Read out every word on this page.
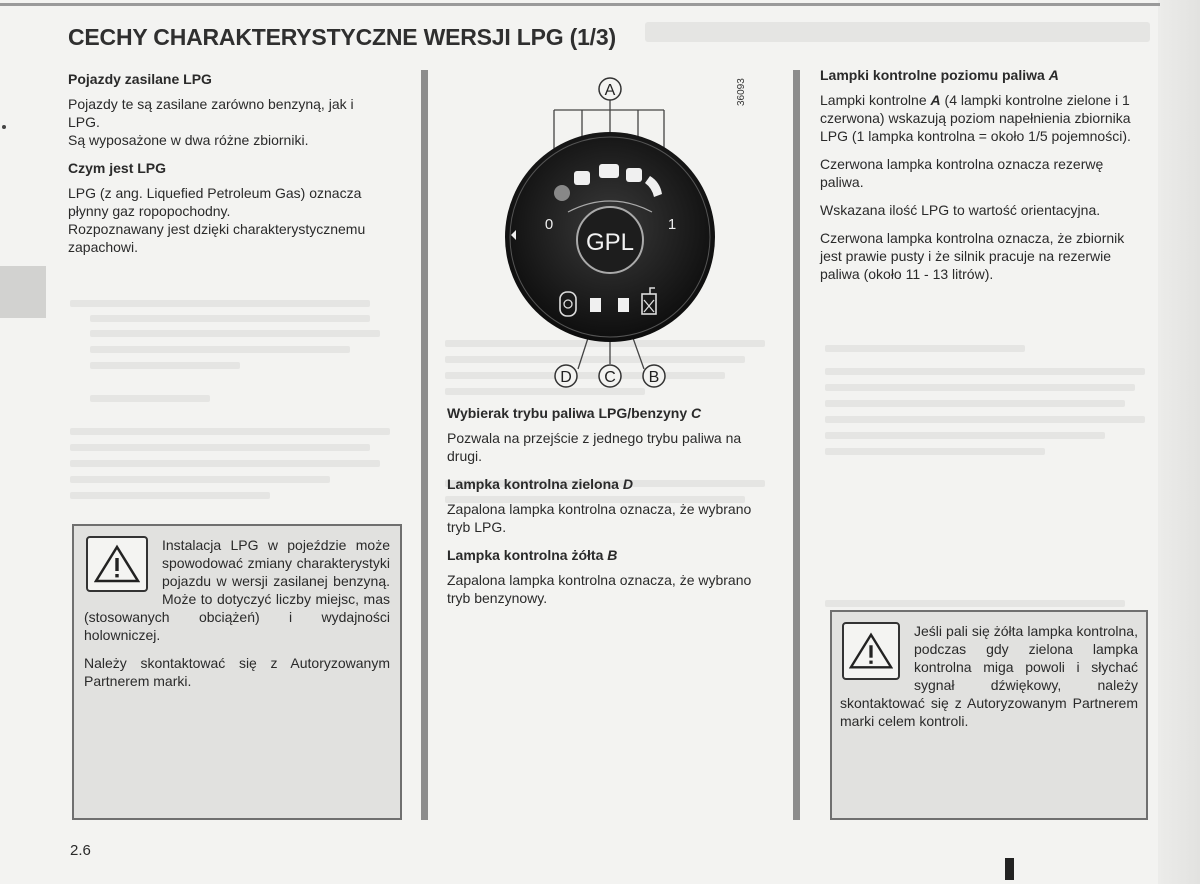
CECHY CHARAKTERYSTYCZNE WERSJI LPG (1/3)
Pojazdy zasilane LPG

Pojazdy te są zasilane zarówno benzyną, jak i LPG.

Są wyposażone w dwa różne zbiorniki.

Czym jest LPG

LPG (z ang. Liquefied Petroleum Gas) oznacza płynny gaz ropopochodny.

Rozpoznawany jest dzięki charakterystycznemu zapachowi.

Instalacja LPG w pojeździe może spowodować zmiany charakterystyki pojazdu w wersji zasilanej benzyną. Może to dotyczyć liczby miejsc, mas (stosowanych obciążeń) i wydajności holowniczej.

Należy skontaktować się z Autoryzowanym Partnerem marki.

GPL
0	1
A
D C B
36093
Wybierak trybu paliwa LPG/benzyny C

Pozwala na przejście z jednego trybu paliwa na drugi.

Lampka kontrolna zielona D

Zapalona lampka kontrolna oznacza, że wybrano tryb LPG.

Lampka kontrolna żółta B

Zapalona lampka kontrolna oznacza, że wybrano tryb benzynowy.

Lampki kontrolne poziomu paliwa A

Lampki kontrolne A (4 lampki kontrolne zielone i 1 czerwona) wskazują poziom napełnienia zbiornika LPG (1 lampka kontrolna = około 1/5 pojemności).

Czerwona lampka kontrolna oznacza rezerwę paliwa.

Wskazana ilość LPG to wartość orientacyjna.

Czerwona lampka kontrolna oznacza, że zbiornik jest prawie pusty i że silnik pracuje na rezerwie paliwa (około 11 - 13 litrów).

Jeśli pali się żółta lampka kontrolna, podczas gdy zielona lampka kontrolna miga powoli i słychać sygnał dźwiękowy, należy skontaktować się z Autoryzowanym Partnerem marki celem kontroli.

2.6
